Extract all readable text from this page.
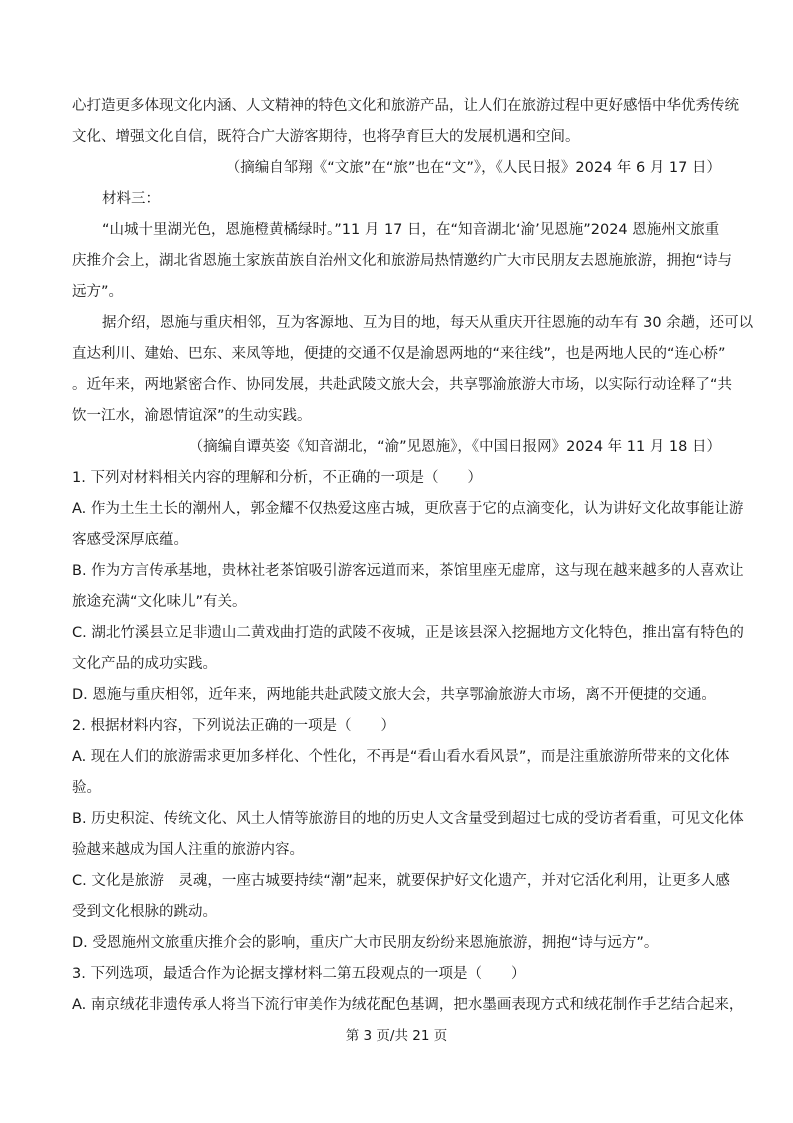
心打造更多体现文化内涵、人文精神的特色文化和旅游产品，让人们在旅游过程中更好感悟中华优秀传统
文化、增强文化自信，既符合广大游客期待，也将孕育巨大的发展机遇和空间。
（摘编自邹翔《“文旅”在“旅”也在“文”》，《人民日报》2024 年 6 月 17 日）
材料三：
“山城十里湖光色，恩施橙黄橘绿时。”11 月 17 日，在“知音湖北‘渝’见恩施”2024 恩施州文旅重
庆推介会上，湖北省恩施土家族苗族自治州文化和旅游局热情邀约广大市民朋友去恩施旅游，拥抱“诗与
远方”。
据介绍，恩施与重庆相邻，互为客源地、互为目的地，每天从重庆开往恩施的动车有 30 余趟，还可以
直达利川、建始、巴东、来凤等地，便捷的交通不仅是渝恩两地的“来往线”，也是两地人民的“连心桥”
。近年来，两地紧密合作、协同发展，共赴武陵文旅大会，共享鄂渝旅游大市场，以实际行动诠释了“共
饮一江水，渝恩情谊深”的生动实践。
（摘编自谭英姿《知音湖北，“渝”见恩施》，《中国日报网》2024 年 11 月 18 日）
1. 下列对材料相关内容的理解和分析，不正确的一项是（　　）
A. 作为土生土长的潮州人，郭金耀不仅热爱这座古城，更欣喜于它的点滴变化，认为讲好文化故事能让游
客感受深厚底蕴。
B. 作为方言传承基地，贵林社老茶馆吸引游客远道而来，茶馆里座无虚席，这与现在越来越多的人喜欢让
旅途充满“文化味儿”有关。
C. 湖北竹溪县立足非遗山二黄戏曲打造的武陵不夜城，正是该县深入挖掘地方文化特色，推出富有特色的
文化产品的成功实践。
D. 恩施与重庆相邻，近年来，两地能共赴武陵文旅大会，共享鄂渝旅游大市场，离不开便捷的交通。
2. 根据材料内容，下列说法正确的一项是（　　）
A. 现在人们的旅游需求更加多样化、个性化，不再是“看山看水看风景”，而是注重旅游所带来的文化体
验。
B. 历史积淀、传统文化、风土人情等旅游目的地的历史人文含量受到超过七成的受访者看重，可见文化体
验越来越成为国人注重的旅游内容。
C. 文化是旅游　灵魂，一座古城要持续“潮”起来，就要保护好文化遗产，并对它活化利用，让更多人感
受到文化根脉的跳动。
D. 受恩施州文旅重庆推介会的影响，重庆广大市民朋友纷纷来恩施旅游，拥抱“诗与远方”。
3. 下列选项，最适合作为论据支撑材料二第五段观点的一项是（　　）
A. 南京绒花非遗传承人将当下流行审美作为绒花配色基调，把水墨画表现方式和绒花制作手艺结合起来，
第 3 页/共 21 页
